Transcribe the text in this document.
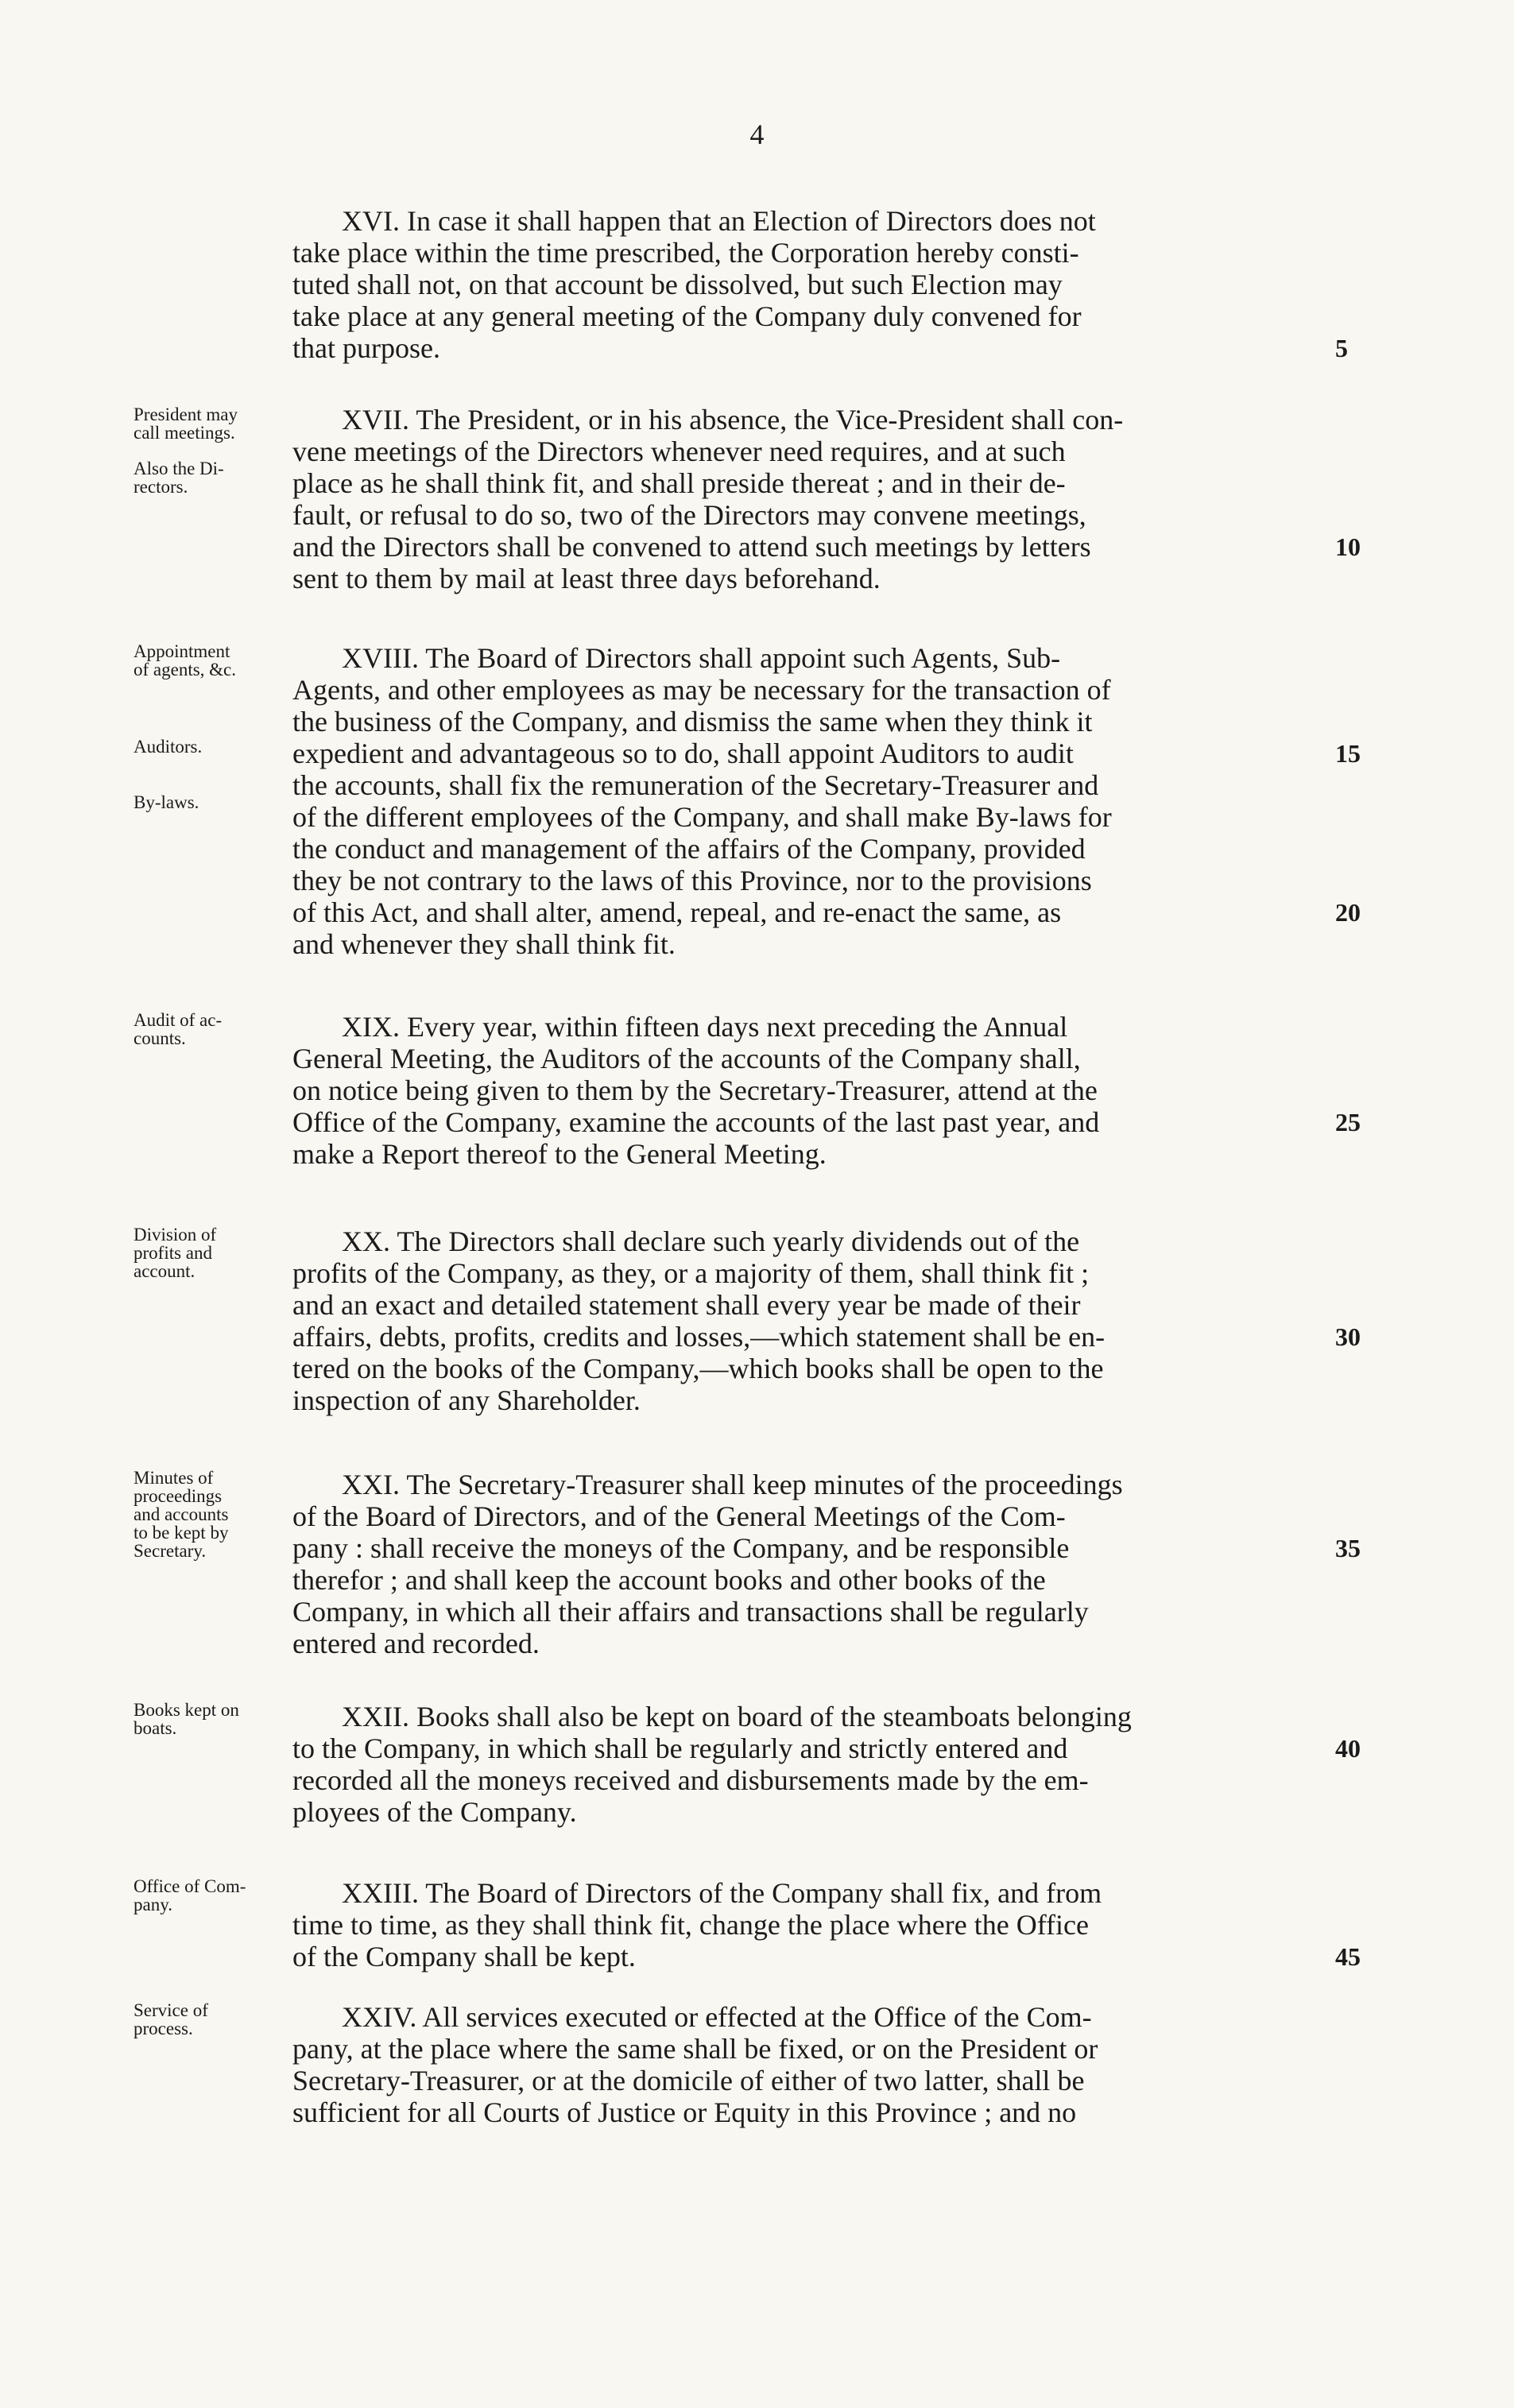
4
XVI. In case it shall happen that an Election of Directors does not
take place within the time prescribed, the Corporation hereby consti-
tuted shall not, on that account be dissolved, but such Election may
take place at any general meeting of the Company duly convened for
that purpose.	5
President may
call meetings.
Also the Di-
rectors.
XVII. The President, or in his absence, the Vice-President shall con-
vene meetings of the Directors whenever need requires, and at such
place as he shall think fit, and shall preside thereat ; and in their de-
fault, or refusal to do so, two of the Directors may convene meetings,
and the Directors shall be convened to attend such meetings by letters
sent to them by mail at least three days beforehand.
10
Appointment
of agents, &c.
Auditors.
By-laws.
XVIII. The Board of Directors shall appoint such Agents, Sub-
Agents, and other employees as may be necessary for the transaction of
the business of the Company, and dismiss the same when they think it
expedient and advantageous so to do, shall appoint Auditors to audit
the accounts, shall fix the remuneration of the Secretary-Treasurer and
of the different employees of the Company, and shall make By-laws for
the conduct and management of the affairs of the Company, provided
they be not contrary to the laws of this Province, nor to the provisions
of this Act, and shall alter, amend, repeal, and re-enact the same, as
and whenever they shall think fit.
15
20
Audit of ac-
counts.	XIX. Every year, within fifteen days next preceding the Annual
General Meeting, the Auditors of the accounts of the Company shall,
on notice being given to them by the Secretary-Treasurer, attend at the
Office of the Company, examine the accounts of the last past year, and
make a Report thereof to the General Meeting.
25
Division of
profits and
account.
XX. The Directors shall declare such yearly dividends out of the
profits of the Company, as they, or a majority of them, shall think fit ;
and an exact and detailed statement shall every year be made of their
affairs, debts, profits, credits and losses,—which statement shall be en-
tered on the books of the Company,—which books shall be open to the
inspection of any Shareholder.
30
Minutes of
proceedings
and accounts
to be kept by
Secretary.
XXI. The Secretary-Treasurer shall keep minutes of the proceedings
of the Board of Directors, and of the General Meetings of the Com-
pany : shall receive the moneys of the Company, and be responsible
therefor ; and shall keep the account books and other books of the
Company, in which all their affairs and transactions shall be regularly
entered and recorded.
35
Books kept on
boats.	XXII. Books shall also be kept on board of the steamboats belonging
to the Company, in which shall be regularly and strictly entered and
recorded all the moneys received and disbursements made by the em-
ployees of the Company.
40
Office of Com-
pany.	XXIII. The Board of Directors of the Company shall fix, and from
time to time, as they shall think fit, change the place where the Office
of the Company shall be kept.	45
Service of
process.	XXIV. All services executed or effected at the Office of the Com-
pany, at the place where the same shall be fixed, or on the President or
Secretary-Treasurer, or at the domicile of either of two latter, shall be
sufficient for all Courts of Justice or Equity in this Province ; and no
